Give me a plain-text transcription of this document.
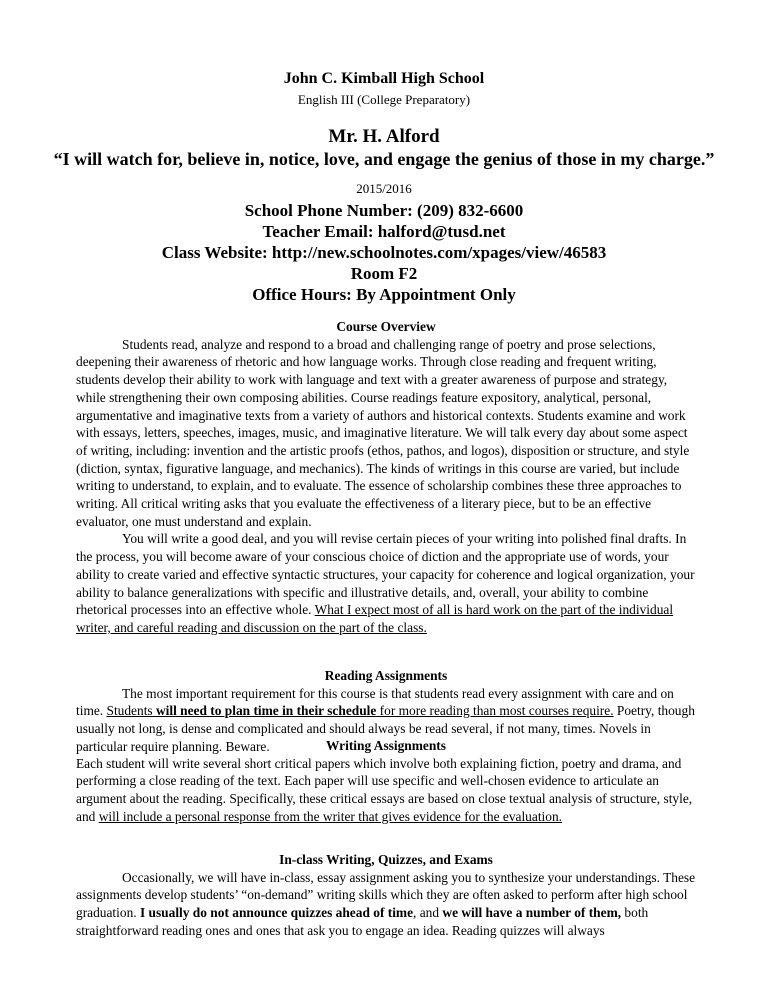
John C. Kimball High School
English III (College Preparatory)
Mr. H. Alford
“I will watch for, believe in, notice, love, and engage the genius of those in my charge.”
2015/2016
School Phone Number: (209) 832-6600
Teacher Email: halford@tusd.net
Class Website: http://new.schoolnotes.com/xpages/view/46583
Room F2
Office Hours: By Appointment Only
Course Overview
Students read, analyze and respond to a broad and challenging range of poetry and prose selections, deepening their awareness of rhetoric and how language works. Through close reading and frequent writing, students develop their ability to work with language and text with a greater awareness of purpose and strategy, while strengthening their own composing abilities. Course readings feature expository, analytical, personal, argumentative and imaginative texts from a variety of authors and historical contexts. Students examine and work with essays, letters, speeches, images, music, and imaginative literature. We will talk every day about some aspect of writing, including: invention and the artistic proofs (ethos, pathos, and logos), disposition or structure, and style (diction, syntax, figurative language, and mechanics). The kinds of writings in this course are varied, but include writing to understand, to explain, and to evaluate. The essence of scholarship combines these three approaches to writing. All critical writing asks that you evaluate the effectiveness of a literary piece, but to be an effective evaluator, one must understand and explain.
You will write a good deal, and you will revise certain pieces of your writing into polished final drafts. In the process, you will become aware of your conscious choice of diction and the appropriate use of words, your ability to create varied and effective syntactic structures, your capacity for coherence and logical organization, your ability to balance generalizations with specific and illustrative details, and, overall, your ability to combine rhetorical processes into an effective whole. What I expect most of all is hard work on the part of the individual writer, and careful reading and discussion on the part of the class.
Reading Assignments
The most important requirement for this course is that students read every assignment with care and on time. Students will need to plan time in their schedule for more reading than most courses require. Poetry, though usually not long, is dense and complicated and should always be read several, if not many, times. Novels in particular require planning. Beware.	Writing Assignments
Each student will write several short critical papers which involve both explaining fiction, poetry and drama, and performing a close reading of the text. Each paper will use specific and well-chosen evidence to articulate an argument about the reading. Specifically, these critical essays are based on close textual analysis of structure, style, and will include a personal response from the writer that gives evidence for the evaluation.
In-class Writing, Quizzes, and Exams
Occasionally, we will have in-class, essay assignment asking you to synthesize your understandings. These assignments develop students’ “on-demand” writing skills which they are often asked to perform after high school graduation. I usually do not announce quizzes ahead of time, and we will have a number of them, both straightforward reading ones and ones that ask you to engage an idea. Reading quizzes will always
